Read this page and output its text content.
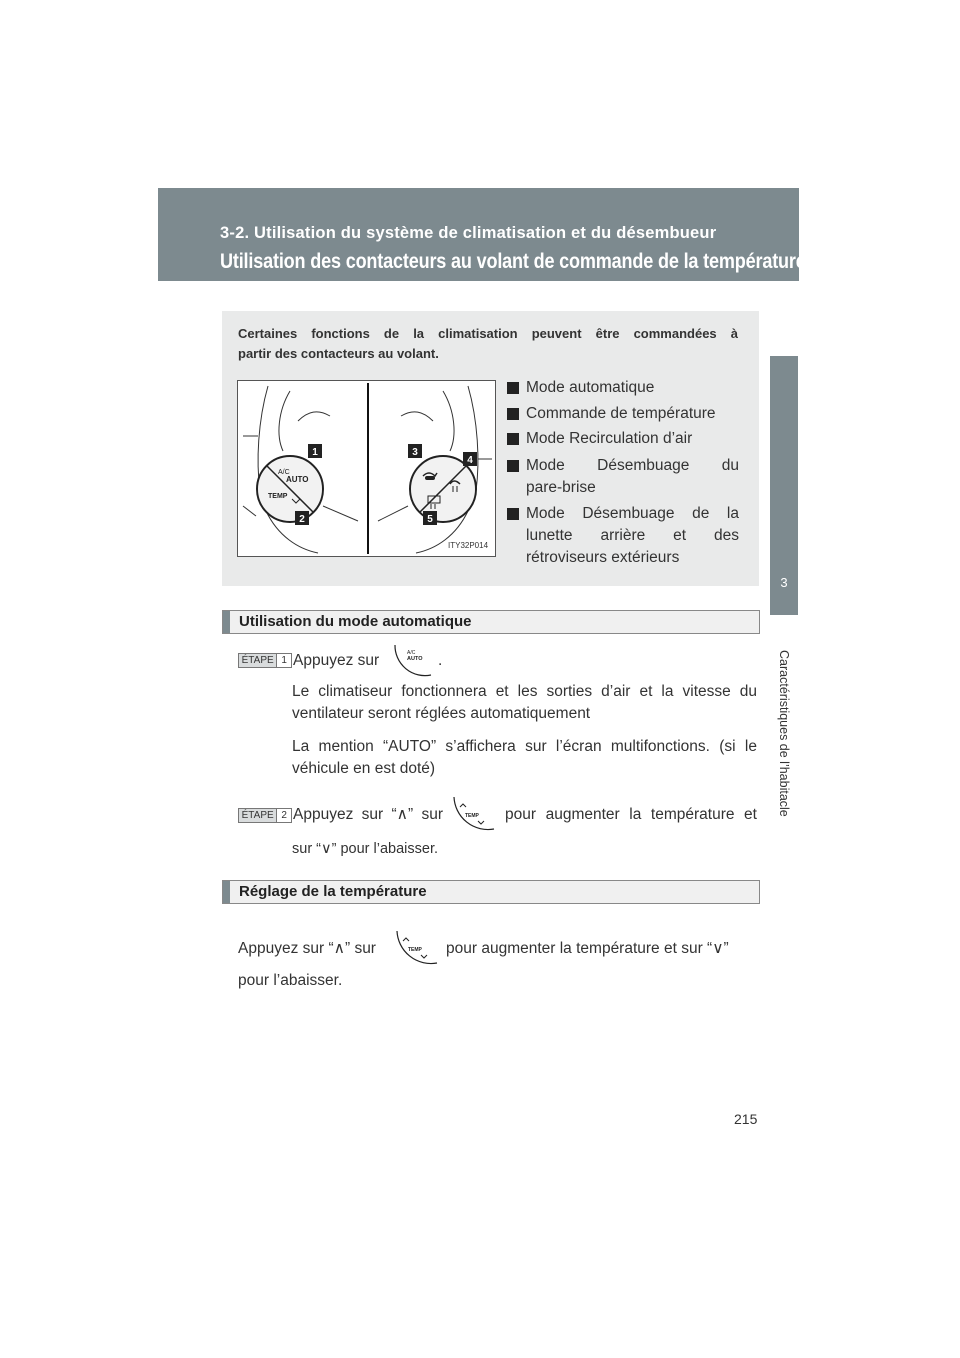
3-2. Utilisation du système de climatisation et du désembueur
Utilisation des contacteurs au volant de commande de la température
3
Caractéristiques de l’habitacle
Certaines fonctions de la climatisation peuvent être commandées à
partir des contacteurs au volant.
A/C
AUTO
TEMP
1
2
3
4
5
ITY32P014
Mode automatique
Commande de température
Mode Recirculation d’air
Mode Désembuage du
pare-brise
Mode Désembuage de la
lunette arrière et des
rétroviseurs extérieurs
Utilisation du mode automatique
ÉTAPE 1 Appuyez sur	A/C
AUTO .
Le climatiseur fonctionnera et les sorties d’air et la vitesse du
ventilateur seront réglées automatiquement
La mention “AUTO” s’affichera sur l’écran multifonctions. (si le
véhicule en est doté)
ÉTAPE 2 Appuyez sur “∧” sur	TEMP pour augmenter la température et
sur “∨” pour l’abaisser.
Réglage de la température
Appuyez sur “∧” sur	TEMP pour augmenter la température et sur “∨”
pour l’abaisser.
215
